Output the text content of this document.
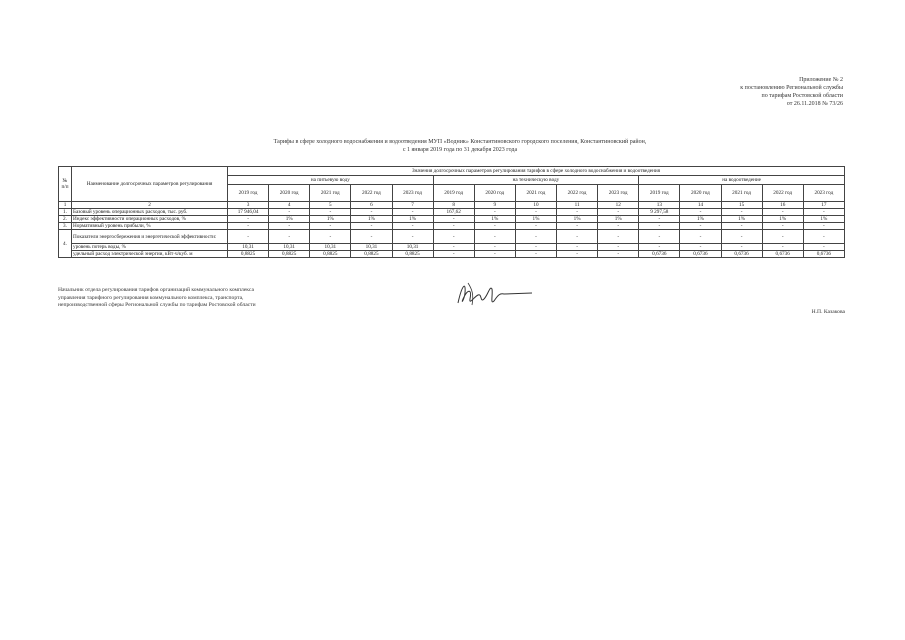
Приложение № 2
к постановлению Региональной службы
по тарифам Ростовской области
от 26.11.2018 № 73/26
Тарифы в сфере холодного водоснабжения и водоотведения МУП «Водник» Константиновского городского поселения, Константиновский район,
с 1 января 2019 года по 31 декабря 2023 года
№ п/п	Наименование долгосрочных параметров регулирования	Значения долгосрочных параметров регулирования тарифов в сфере холодного водоснабжения и водоотведения														
		на питьевую воду					на техническую воду					на водоотведение				
		2019 год	2020 год	2021 год	2022 год	2023 год	2019 год	2020 год	2021 год	2022 год	2023 год	2019 год	2020 год	2021 год	2022 год	2023 год
1	2	3	4	5	6	7	8	9	10	11	12	13	14	15	16	17
1.	Базовый уровень операционных расходов, тыс. руб.	17 946,04	-	-	-	-	167,62	-	-	-	-	9 297,58	-	-	-	-
2.	Индекс эффективности операционных расходов, %	-	1%	1%	1%	1%	-	1%	1%	1%	1%	-	1%	1%	1%	1%
3.	Нормативный уровень прибыли, %	-	-	-	-	-	-	-	-	-	-	-	-	-	-	-
4.	Показатели энергосбережения и энергетической эффективности:	-	-	-	-	-	-	-	-	-	-	-	-	-	-	-
	уровень потерь воды, %	10,31	10,31	10,31	10,31	10,31	-	-	-	-	-	-	-	-	-	-
	удельный расход электрической энергии, кВт·ч/куб. м	0,8825	0,8825	0,8825	0,8825	0,8825	-	-	-	-	-	0,6736	0,6736	0,6736	0,6736	0,6736
Начальник отдела регулирования тарифов организаций коммунального комплекса управления тарифного регулирования коммунального комплекса, транспорта, непроизводственной сферы Региональной службы по тарифам Ростовской области
Н.П. Казакова
